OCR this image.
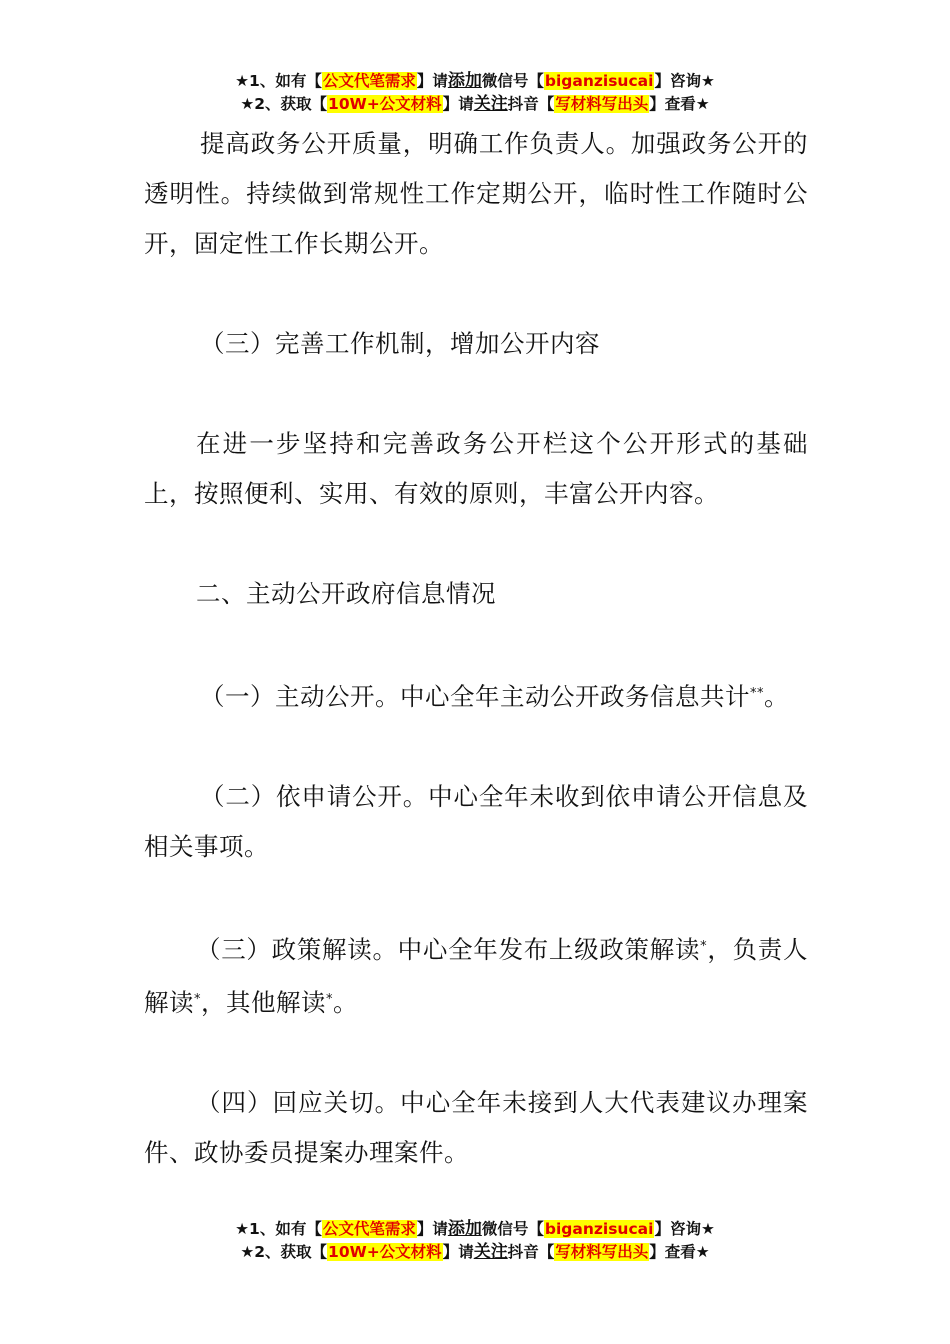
★1、如有【公文代笔需求】请添加微信号【biganzisucai】咨询★
★2、获取【10W+公文材料】请关注抖音【写材料写出头】查看★

提高政务公开质量，明确工作负责人。加强政务公开的透明性。持续做到常规性工作定期公开，临时性工作随时公开，固定性工作长期公开。

（三）完善工作机制，增加公开内容

在进一步坚持和完善政务公开栏这个公开形式的基础上，按照便利、实用、有效的原则，丰富公开内容。

二、主动公开政府信息情况

（一）主动公开。中心全年主动公开政务信息共计**。

（二）依申请公开。中心全年未收到依申请公开信息及相关事项。

（三）政策解读。中心全年发布上级政策解读*，负责人解读*，其他解读*。

（四）回应关切。中心全年未接到人大代表建议办理案件、政协委员提案办理案件。

★1、如有【公文代笔需求】请添加微信号【biganzisucai】咨询★
★2、获取【10W+公文材料】请关注抖音【写材料写出头】查看★
